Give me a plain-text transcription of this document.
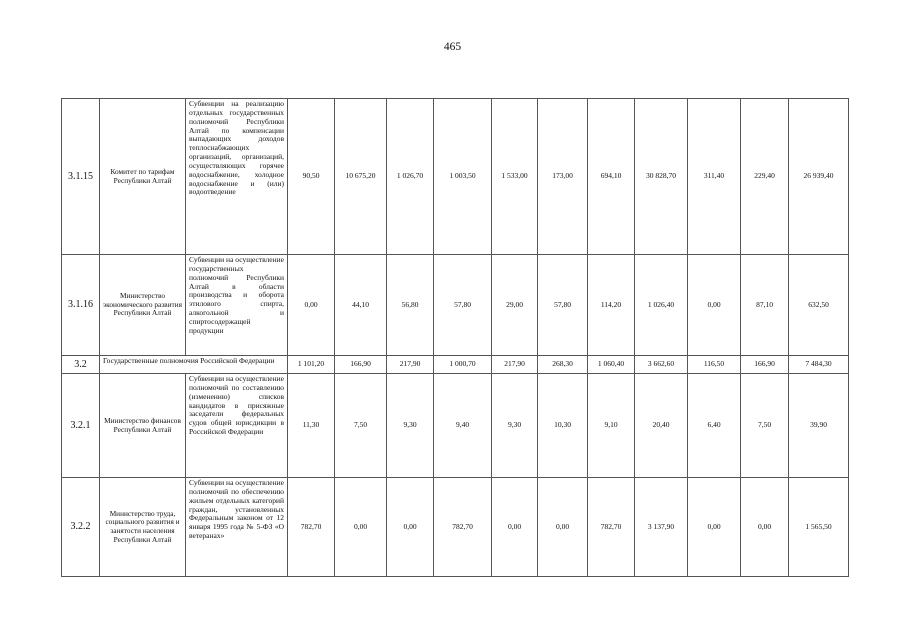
465
3.1.15	Комитет по тарифам Республики Алтай	Субвенции на реализацию отдельных государственных полномочий Республики Алтай по компенсации выпадающих доходов теплоснабжающих организаций, организаций, осуществляющих горячее водоснабжение, холодное водоснабжение и (или) водоотведение	90,50	10 675,20	1 026,70	1 003,50	1 533,00	173,00	694,10	30 828,70	311,40	229,40	26 939,40
3.1.16	Министерство экономического развития Республики Алтай	Субвенции на осуществление государственных полномочий Республики Алтай в области производства и оборота этилового спирта, алкогольной и спиртосодержащей продукции	0,00	44,10	56,80	57,80	29,00	57,80	114,20	1 026,40	0,00	87,10	632,50
3.2	Государственные полномочия Российской Федерации		1 101,20	166,90	217,90	1 000,70	217,90	268,30	1 060,40	3 662,60	116,50	166,90	7 484,30
3.2.1	Министерство финансов Республики Алтай	Субвенции на осуществление полномочий по составлению (изменению) списков кандидатов в присяжные заседатели федеральных судов общей юрисдикции в Российской Федерации	11,30	7,50	9,30	9,40	9,30	10,30	9,10	20,40	6,40	7,50	39,90
3.2.2	Министерство труда, социального развития и занятости населения Республики Алтай	Субвенции на осуществление полномочий по обеспечению жильем отдельных категорий граждан, установленных Федеральным законом от 12 января 1995 года № 5-ФЗ «О ветеранах»	782,70	0,00	0,00	782,70	0,00	0,00	782,70	3 137,90	0,00	0,00	1 565,50
